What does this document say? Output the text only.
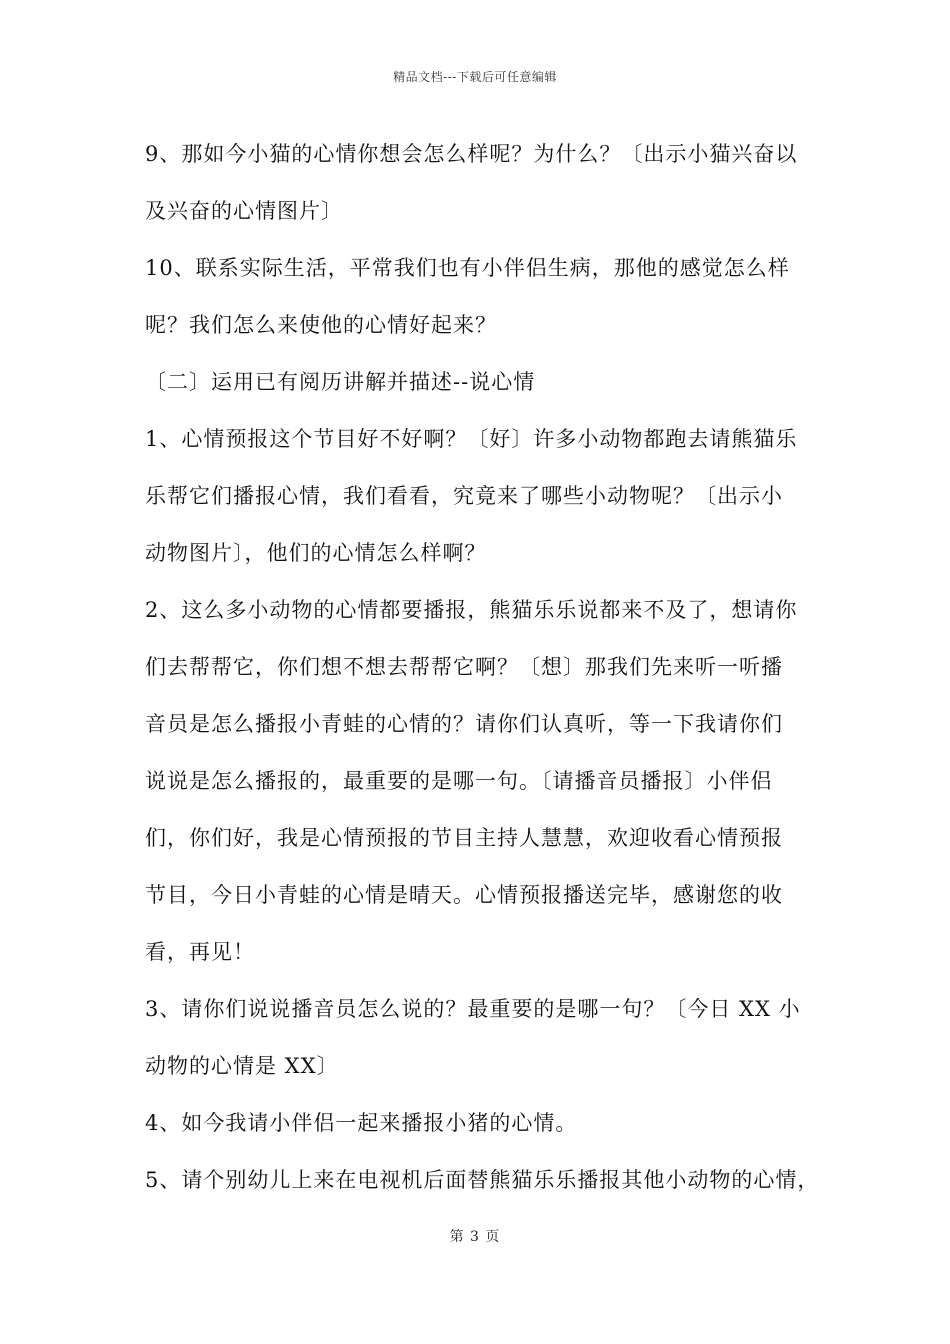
精品文档---下载后可任意编辑
9、那如今小猫的心情你想会怎么样呢？为什么？〔出示小猫兴奋以
及兴奋的心情图片〕
10、联系实际生活，平常我们也有小伴侣生病，那他的感觉怎么样
呢？我们怎么来使他的心情好起来？
〔二〕运用已有阅历讲解并描述--说心情
1、心情预报这个节目好不好啊？〔好〕许多小动物都跑去请熊猫乐
乐帮它们播报心情，我们看看，究竟来了哪些小动物呢？〔出示小
动物图片〕，他们的心情怎么样啊？
2、这么多小动物的心情都要播报，熊猫乐乐说都来不及了，想请你
们去帮帮它，你们想不想去帮帮它啊？〔想〕那我们先来听一听播
音员是怎么播报小青蛙的心情的？请你们认真听，等一下我请你们
说说是怎么播报的，最重要的是哪一句。〔请播音员播报〕小伴侣
们，你们好，我是心情预报的节目主持人慧慧，欢迎收看心情预报
节目，今日小青蛙的心情是晴天。心情预报播送完毕，感谢您的收
看，再见！
3、请你们说说播音员怎么说的？最重要的是哪一句？〔今日 XX 小
动物的心情是 XX〕
4、如今我请小伴侣一起来播报小猪的心情。
5、请个别幼儿上来在电视机后面替熊猫乐乐播报其他小动物的心情，
第 3 页
